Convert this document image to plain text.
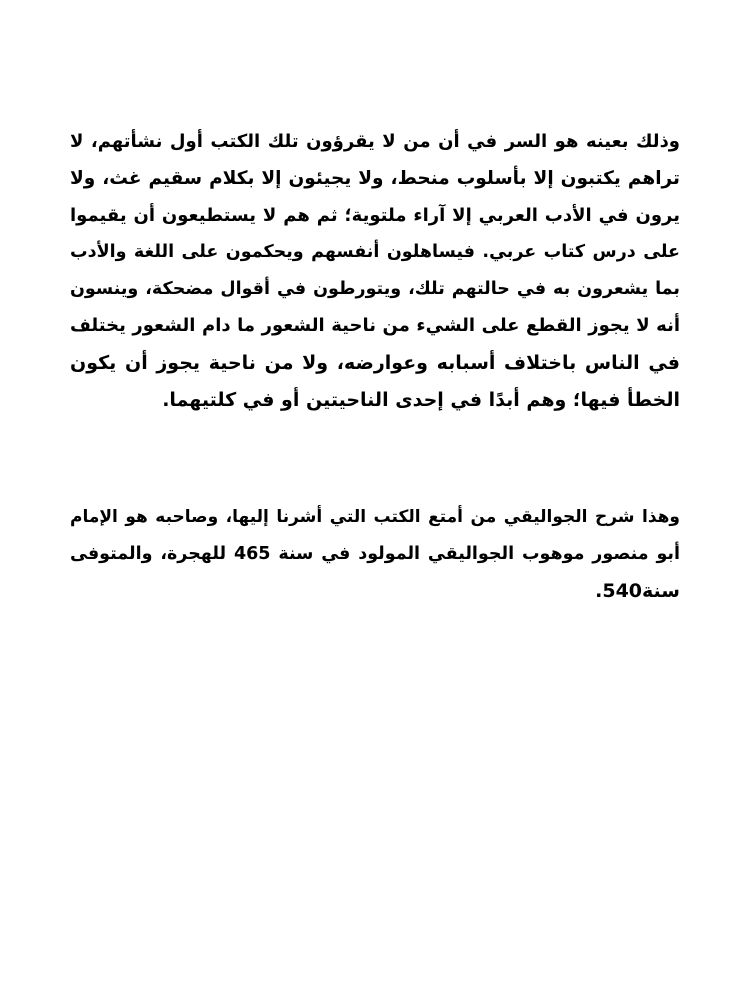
وذلك بعينه هو السر في أن من لا يقرؤون تلك الكتب أول نشأتهم، لا
تراهم يكتبون إلا بأسلوب منحط، ولا يجيئون إلا بكلام سقيم غث، ولا
يرون في الأدب العربي إلا آراء ملتوية؛ ثم هم لا يستطيعون أن يقيموا
على درس كتاب عربي. فيساهلون أنفسهم ويحكمون على اللغة والأدب
بما يشعرون به في حالتهم تلك، ويتورطون في أقوال مضحكة، وينسون
أنه لا يجوز القطع على الشيء من ناحية الشعور ما دام الشعور يختلف
في الناس باختلاف أسبابه وعوارضه، ولا من ناحية يجوز أن يكون
الخطأ فيها؛ وهم أبدًا في إحدى الناحيتين أو في كلتيهما.
وهذا شرح الجواليقي من أمتع الكتب التي أشرنا إليها، وصاحبه هو الإمام
أبو منصور موهوب الجواليقي المولود في سنة 465 للهجرة، والمتوفى
سنة540.
